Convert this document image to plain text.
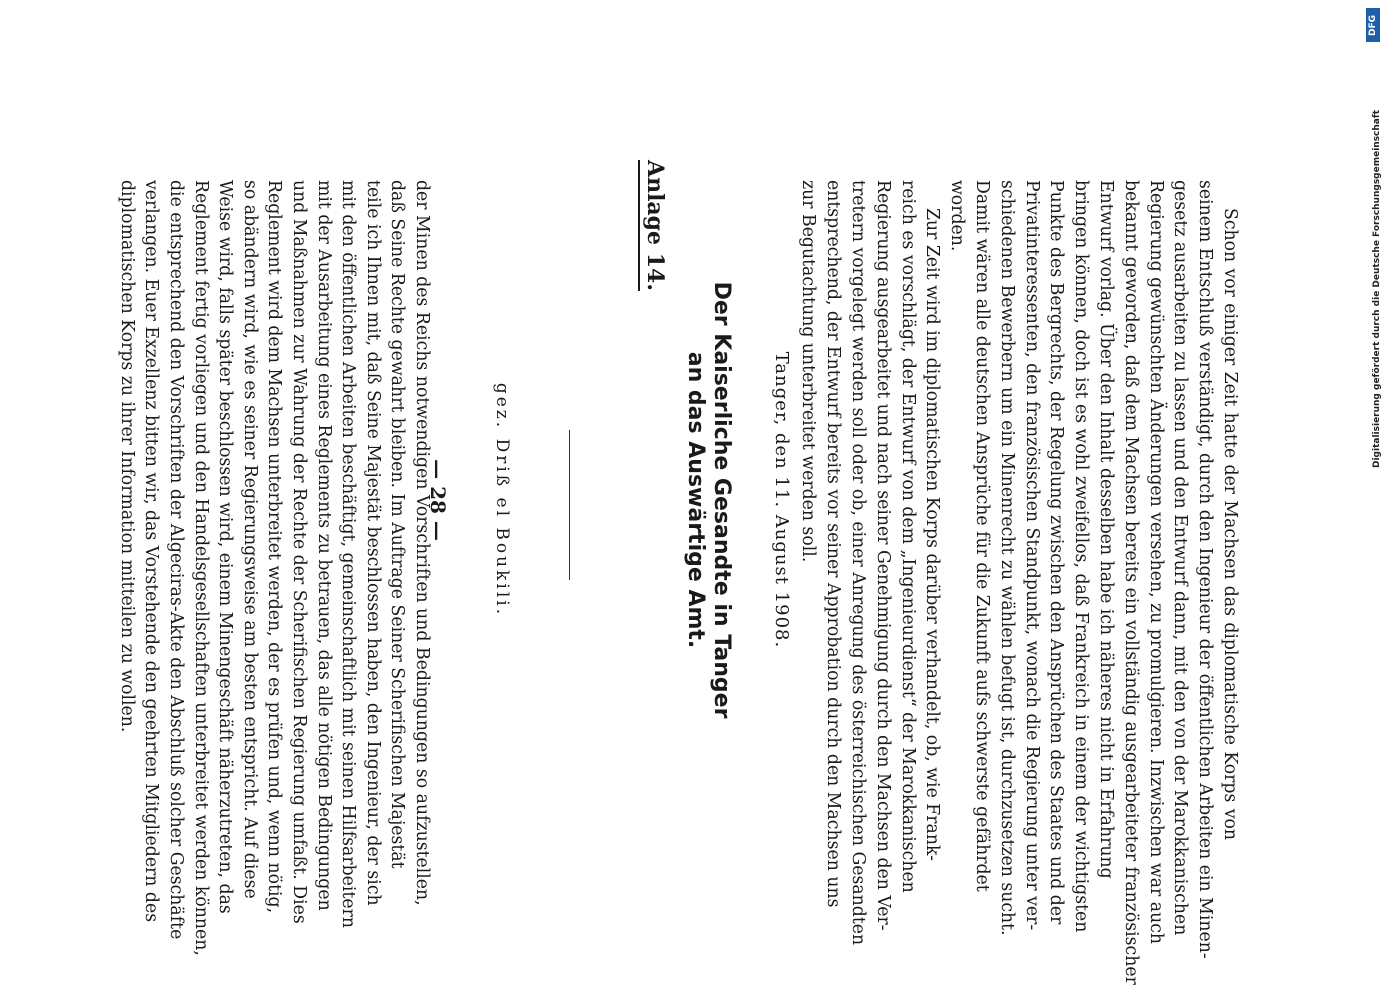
— 28 —
der Minen des Reichs notwendigen Vorschriften und Bedingungen so aufzustellen,
daß Seine Rechte gewahrt bleiben. Im Auftrage Seiner Scherifischen Majestät
teile ich Ihnen mit, daß Seine Majestät beschlossen haben, den Ingenieur, der sich
mit den öffentlichen Arbeiten beschäftigt, gemeinschaftlich mit seinen Hilfsarbeitern
mit der Ausarbeitung eines Reglements zu betrauen, das alle nötigen Bedingungen
und Maßnahmen zur Wahrung der Rechte der Scherifischen Regierung umfaßt. Dies
Reglement wird dem Machsen unterbreitet werden, der es prüfen und, wenn nötig,
so abändern wird, wie es seiner Regierungsweise am besten entspricht. Auf diese
Weise wird, falls später beschlossen wird, einem Minengeschäft näherzutreten, das
Reglement fertig vorliegen und den Handelsgesellschaften unterbreitet werden können,
die entsprechend den Vorschriften der Algeciras-Akte den Abschluß solcher Geschäfte
verlangen. Euer Exzellenz bitten wir, das Vorstehende den geehrten Mitgliedern des
diplomatischen Korps zu ihrer Information mitteilen zu wollen.	gez. Driß el Boukili.
Anlage 14.
Der Kaiserliche Gesandte in Tanger
an das Auswärtige Amt.	Tanger, den 11. August 1908.	Schon vor einiger Zeit hatte der Machsen das diplomatische Korps von
seinem Entschluß verständigt, durch den Ingenieur der öffentlichen Arbeiten ein Minen-
gesetz ausarbeiten zu lassen und den Entwurf dann, mit den von der Marokkanischen
Regierung gewünschten Änderungen versehen, zu promulgieren. Inzwischen war auch
bekannt geworden, daß dem Machsen bereits ein vollständig ausgearbeiteter französischer
Entwurf vorlag. Über den Inhalt desselben habe ich näheres nicht in Erfahrung
bringen können, doch ist es wohl zweifellos, daß Frankreich in einem der wichtigsten
Punkte des Bergrechts, der Regelung zwischen den Ansprüchen des Staates und der
Privatinteressenten, den französischen Standpunkt, wonach die Regierung unter ver-
schiedenen Bewerbern um ein Minenrecht zu wählen befugt ist, durchzusetzen sucht.
Damit wären alle deutschen Ansprüche für die Zukunft aufs schwerste gefährdet
worden.
Zur Zeit wird im diplomatischen Korps darüber verhandelt, ob, wie Frank-
reich es vorschlägt, der Entwurf von dem „Ingenieurdienst“ der Marokkanischen
Regierung ausgearbeitet und nach seiner Genehmigung durch den Machsen den Ver-
tretern vorgelegt werden soll oder ob, einer Anregung des österreichischen Gesandten
entsprechend, der Entwurf bereits vor seiner Approbation durch den Machsen uns
zur Begutachtung unterbreitet werden soll.
DFG
Digitalisierung gefördert durch die Deutsche Forschungsgemeinschaft
